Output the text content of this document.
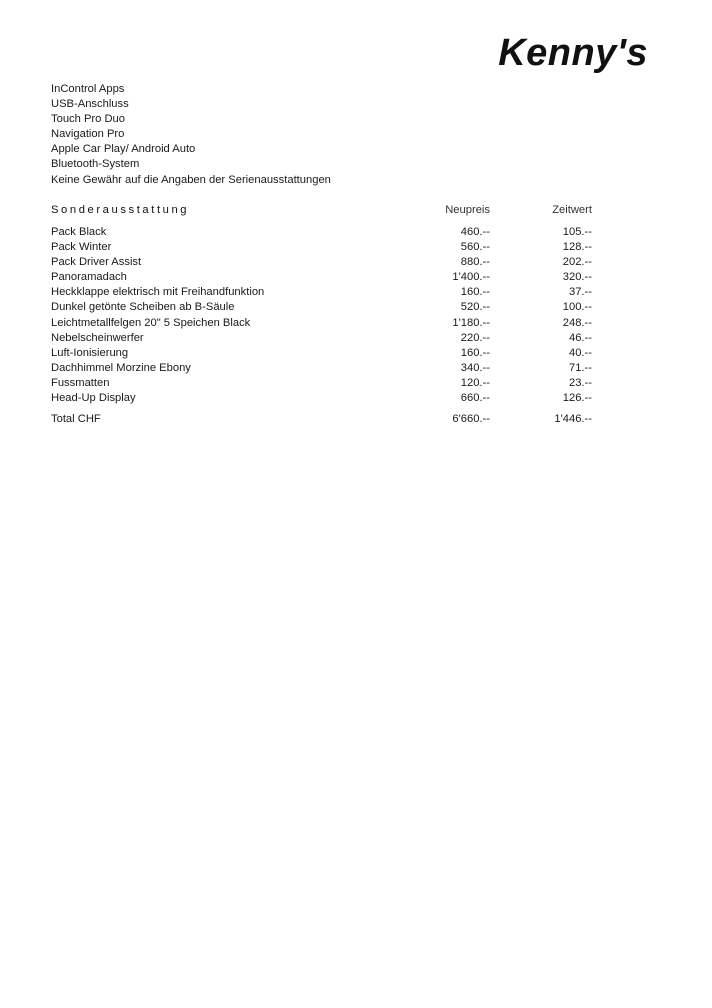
Kenny's
InControl Apps
USB-Anschluss
Touch Pro Duo
Navigation Pro
Apple Car Play/ Android Auto
Bluetooth-System
Keine Gewähr auf die Angaben der Serienausstattungen
Sonderausstattung	Neupreis	Zeitwert
Pack Black	460.--	105.--
Pack Winter	560.--	128.--
Pack Driver Assist	880.--	202.--
Panoramadach	1'400.--	320.--
Heckklappe elektrisch mit Freihandfunktion	160.--	37.--
Dunkel getönte Scheiben ab B-Säule	520.--	100.--
Leichtmetallfelgen 20" 5 Speichen Black	1'180.--	248.--
Nebelscheinwerfer	220.--	46.--
Luft-Ionisierung	160.--	40.--
Dachhimmel Morzine Ebony	340.--	71.--
Fussmatten	120.--	23.--
Head-Up Display	660.--	126.--
Total CHF	6'660.--	1'446.--
